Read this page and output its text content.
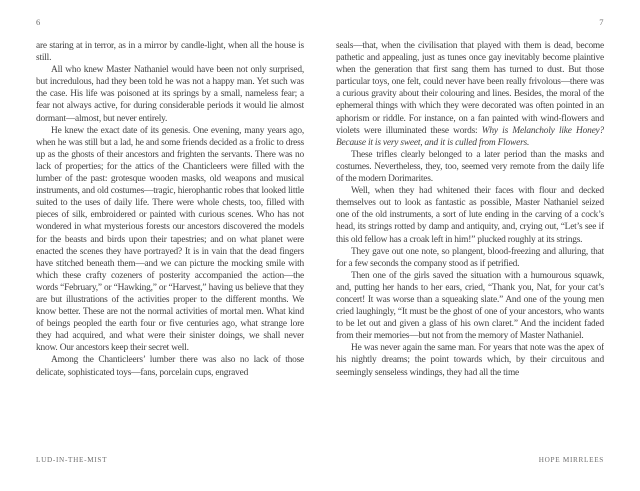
6

are staring at in terror, as in a mirror by candle-light, when all the house is still.

All who knew Master Nathaniel would have been not only surprised, but incredulous, had they been told he was not a happy man. Yet such was the case. His life was poisoned at its springs by a small, nameless fear; a fear not always active, for during considerable periods it would lie almost dormant—almost, but never entirely.

He knew the exact date of its genesis. One evening, many years ago, when he was still but a lad, he and some friends decided as a frolic to dress up as the ghosts of their ancestors and frighten the servants. There was no lack of properties; for the attics of the Chanticleers were filled with the lumber of the past: grotesque wooden masks, old weapons and musical instruments, and old costumes—tragic, hierophantic robes that looked little suited to the uses of daily life. There were whole chests, too, filled with pieces of silk, embroidered or painted with curious scenes. Who has not wondered in what mysterious forests our ancestors discovered the models for the beasts and birds upon their tapestries; and on what planet were enacted the scenes they have portrayed? It is in vain that the dead fingers have stitched beneath them—and we can picture the mocking smile with which these crafty cozeners of posterity accompanied the action—the words “February,” or “Hawking,” or “Harvest,” having us believe that they are but illustrations of the activities proper to the different months. We know better. These are not the normal activities of mortal men. What kind of beings peopled the earth four or five centuries ago, what strange lore they had acquired, and what were their sinister doings, we shall never know. Our ancestors keep their secret well.

Among the Chanticleers’ lumber there was also no lack of those delicate, sophisticated toys—fans, porcelain cups, engraved

LUD-IN-THE-MIST
7

seals—that, when the civilisation that played with them is dead, become pathetic and appealing, just as tunes once gay inevitably become plaintive when the generation that first sang them has turned to dust. But those particular toys, one felt, could never have been really frivolous—there was a curious gravity about their colouring and lines. Besides, the moral of the ephemeral things with which they were decorated was often pointed in an aphorism or riddle. For instance, on a fan painted with wind-flowers and violets were illuminated these words: Why is Melancholy like Honey? Because it is very sweet, and it is culled from Flowers.

These trifles clearly belonged to a later period than the masks and costumes. Nevertheless, they, too, seemed very remote from the daily life of the modern Dorimarites.

Well, when they had whitened their faces with flour and decked themselves out to look as fantastic as possible, Master Nathaniel seized one of the old instruments, a sort of lute ending in the carving of a cock’s head, its strings rotted by damp and antiquity, and, crying out, “Let’s see if this old fellow has a croak left in him!” plucked roughly at its strings.

They gave out one note, so plangent, blood-freezing and alluring, that for a few seconds the company stood as if petrified.

Then one of the girls saved the situation with a humourous squawk, and, putting her hands to her ears, cried, “Thank you, Nat, for your cat’s concert! It was worse than a squeaking slate.” And one of the young men cried laughingly, “It must be the ghost of one of your ancestors, who wants to be let out and given a glass of his own claret.” And the incident faded from their memories—but not from the memory of Master Nathaniel.

He was never again the same man. For years that note was the apex of his nightly dreams; the point towards which, by their circuitous and seemingly senseless windings, they had all the time

HOPE MIRRLEES
